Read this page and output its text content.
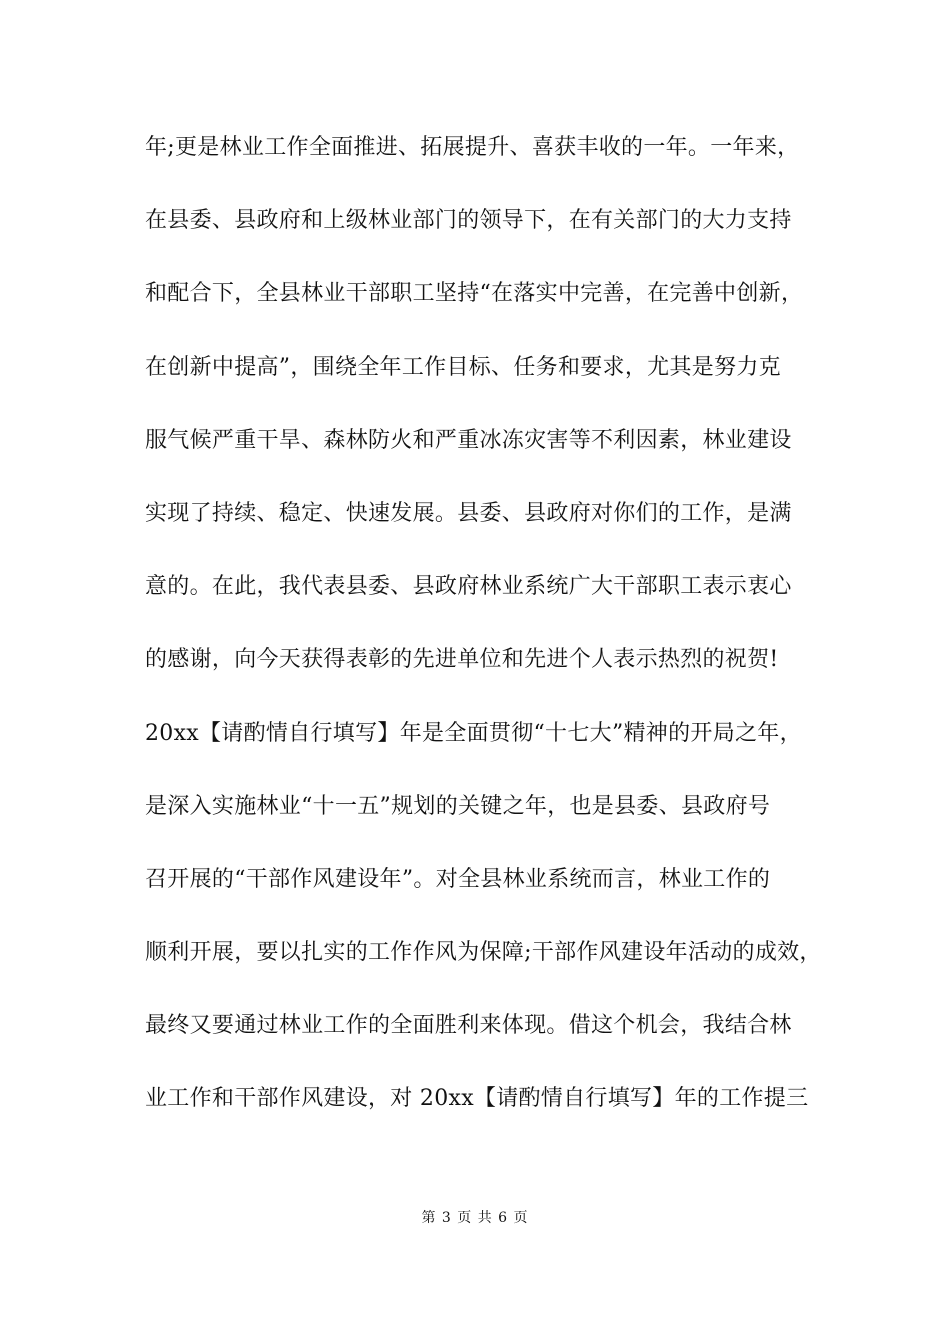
年;更是林业工作全面推进、拓展提升、喜获丰收的一年。一年来，
在县委、县政府和上级林业部门的领导下，在有关部门的大力支持
和配合下，全县林业干部职工坚持“在落实中完善，在完善中创新，
在创新中提高”，围绕全年工作目标、任务和要求，尤其是努力克
服气候严重干旱、森林防火和严重冰冻灾害等不利因素，林业建设
实现了持续、稳定、快速发展。县委、县政府对你们的工作，是满
意的。在此，我代表县委、县政府林业系统广大干部职工表示衷心
的感谢，向今天获得表彰的先进单位和先进个人表示热烈的祝贺!
20xx【请酌情自行填写】年是全面贯彻“十七大”精神的开局之年，
是深入实施林业“十一五”规划的关键之年，也是县委、县政府号
召开展的“干部作风建设年”。对全县林业系统而言，林业工作的
顺利开展，要以扎实的工作作风为保障;干部作风建设年活动的成效，
最终又要通过林业工作的全面胜利来体现。借这个机会，我结合林
业工作和干部作风建设，对 20xx【请酌情自行填写】年的工作提三
第 3 页 共 6 页
